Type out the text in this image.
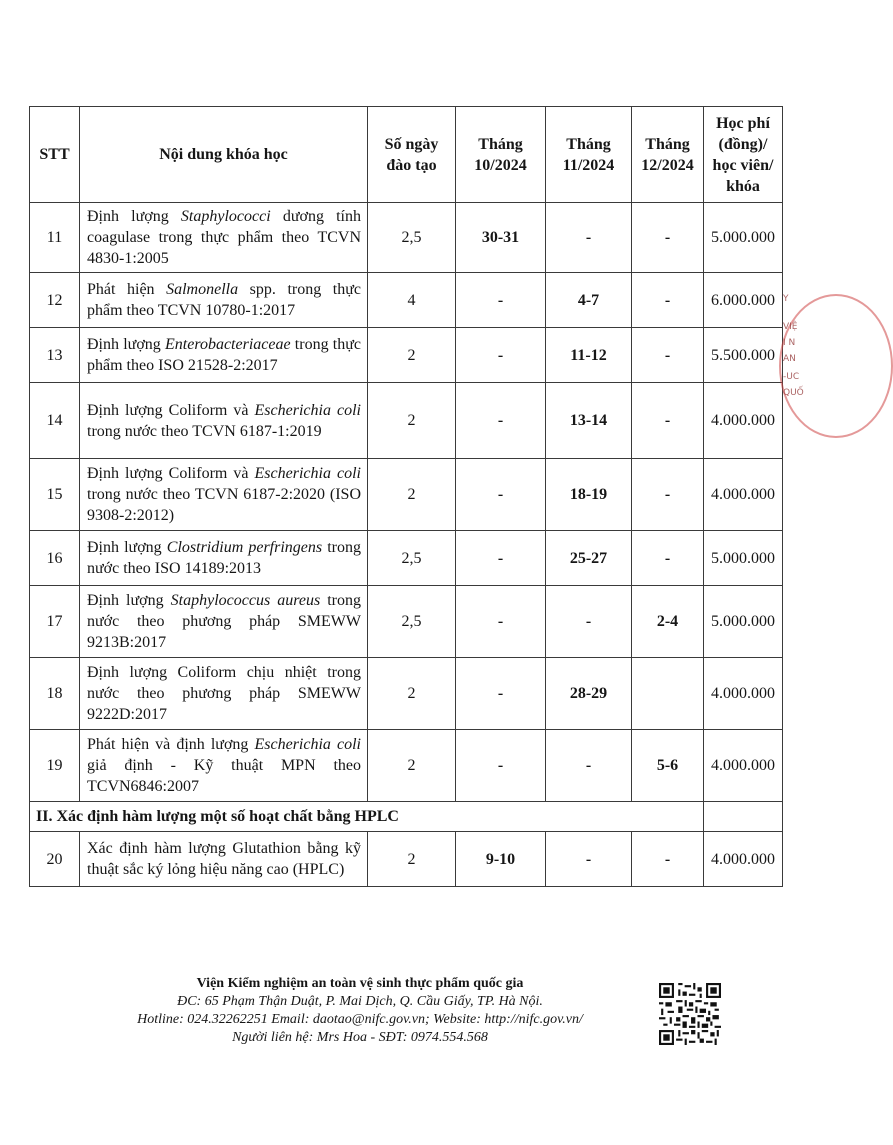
STT	Nội dung khóa học	Số ngày đào tạo	Tháng 10/2024	Tháng 11/2024	Tháng 12/2024	Học phí (đồng)/ học viên/ khóa
11	Định lượng Staphylococci dương tính coagulase trong thực phẩm theo TCVN 4830-1:2005	2,5	30-31	-	-	5.000.000
12	Phát hiện Salmonella spp. trong thực phẩm theo TCVN 10780-1:2017	4	-	4-7	-	6.000.000
13	Định lượng Enterobacteriaceae trong thực phẩm theo ISO 21528-2:2017	2	-	11-12	-	5.500.000
14	Định lượng Coliform và Escherichia coli trong nước theo TCVN 6187-1:2019	2	-	13-14	-	4.000.000
15	Định lượng Coliform và Escherichia coli trong nước theo TCVN 6187-2:2020 (ISO 9308-2:2012)	2	-	18-19	-	4.000.000
16	Định lượng Clostridium perfringens trong nước theo ISO 14189:2013	2,5	-	25-27	-	5.000.000
17	Định lượng Staphylococcus aureus trong nước theo phương pháp SMEWW 9213B:2017	2,5	-	-	2-4	5.000.000
18	Định lượng Coliform chịu nhiệt trong nước theo phương pháp SMEWW 9222D:2017	2	-	28-29		4.000.000
19	Phát hiện và định lượng Escherichia coli giả định - Kỹ thuật MPN theo TCVN6846:2007	2	-	-	5-6	4.000.000
II. Xác định hàm lượng một số hoạt chất bằng HPLC						
20	Xác định hàm lượng Glutathion bằng kỹ thuật sắc ký lỏng hiệu năng cao (HPLC)	2	9-10	-	-	4.000.000
Y
VIỆ
I N
AN
-UC
QUỐ
Viện Kiểm nghiệm an toàn vệ sinh thực phẩm quốc gia
ĐC: 65 Phạm Thận Duật, P. Mai Dịch, Q. Cầu Giấy, TP. Hà Nội.
Hotline: 024.32262251 Email: daotao@nifc.gov.vn; Website: http://nifc.gov.vn/
Người liên hệ: Mrs Hoa - SĐT: 0974.554.568
